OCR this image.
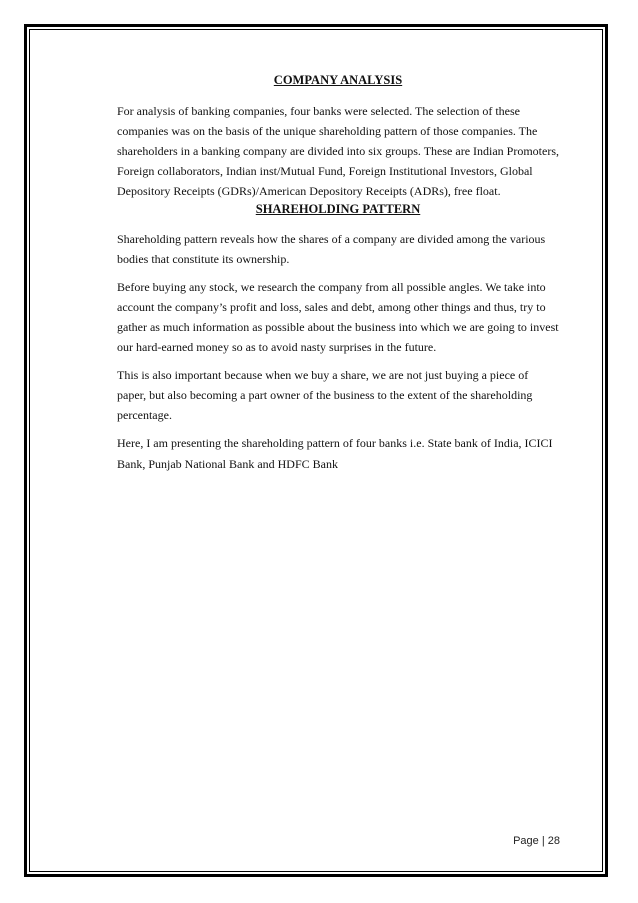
COMPANY ANALYSIS

For analysis of banking companies, four banks were selected. The selection of these companies was on the basis of the unique shareholding pattern of those companies. The shareholders in a banking company are divided into six groups. These are Indian Promoters, Foreign collaborators, Indian inst/Mutual Fund, Foreign Institutional Investors, Global Depository Receipts (GDRs)/American Depository Receipts (ADRs), free float.

SHAREHOLDING PATTERN

Shareholding pattern reveals how the shares of a company are divided among the various bodies that constitute its ownership.

Before buying any stock, we research the company from all possible angles. We take into account the company’s profit and loss, sales and debt, among other things and thus, try to gather as much information as possible about the business into which we are going to invest our hard-earned money so as to avoid nasty surprises in the future.

This is also important because when we buy a share, we are not just buying a piece of paper, but also becoming a part owner of the business to the extent of the shareholding percentage.

Here, I am presenting the shareholding pattern of four banks i.e. State bank of India, ICICI Bank, Punjab National Bank and HDFC Bank

Page | 28
